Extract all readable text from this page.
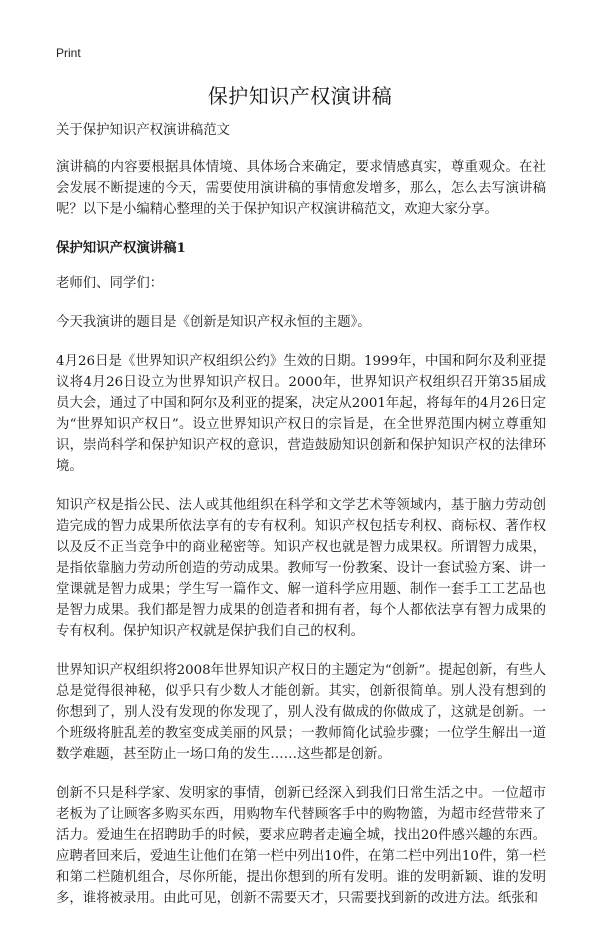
Print
保护知识产权演讲稿

关于保护知识产权演讲稿范文

演讲稿的内容要根据具体情境、具体场合来确定，要求情感真实，尊重观众。在社会发展不断提速的今天，需要使用演讲稿的事情愈发增多，那么，怎么去写演讲稿呢？以下是小编精心整理的关于保护知识产权演讲稿范文，欢迎大家分享。

保护知识产权演讲稿1

老师们、同学们：

今天我演讲的题目是《创新是知识产权永恒的主题》。

4月26日是《世界知识产权组织公约》生效的日期。1999年，中国和阿尔及利亚提议将4月26日设立为世界知识产权日。2000年，世界知识产权组织召开第35届成员大会，通过了中国和阿尔及利亚的提案，决定从2001年起，将每年的4月26日定为“世界知识产权日”。设立世界知识产权日的宗旨是，在全世界范围内树立尊重知识，崇尚科学和保护知识产权的意识，营造鼓励知识创新和保护知识产权的法律环境。

知识产权是指公民、法人或其他组织在科学和文学艺术等领域内，基于脑力劳动创造完成的智力成果所依法享有的专有权利。知识产权包括专利权、商标权、著作权以及反不正当竞争中的商业秘密等。知识产权也就是智力成果权。所谓智力成果，是指依靠脑力劳动所创造的劳动成果。教师写一份教案、设计一套试验方案、讲一堂课就是智力成果；学生写一篇作文、解一道科学应用题、制作一套手工工艺品也是智力成果。我们都是智力成果的创造者和拥有者，每个人都依法享有智力成果的专有权利。保护知识产权就是保护我们自己的权利。

世界知识产权组织将2008年世界知识产权日的主题定为“创新”。提起创新，有些人总是觉得很神秘，似乎只有少数人才能创新。其实，创新很简单。别人没有想到的你想到了，别人没有发现的你发现了，别人没有做成的你做成了，这就是创新。一个班级将脏乱差的教室变成美丽的风景；一教师简化试验步骤；一位学生解出一道数学难题，甚至防止一场口角的发生……这些都是创新。

创新不只是科学家、发明家的事情，创新已经深入到我们日常生活之中。一位超市老板为了让顾客多购买东西，用购物车代替顾客手中的购物篮，为超市经营带来了活力。爱迪生在招聘助手的时候，要求应聘者走遍全城，找出20件感兴趣的东西。应聘者回来后，爱迪生让他们在第一栏中列出10件，在第二栏中列出10件，第一栏和第二栏随机组合，尽你所能，提出你想到的所有发明。谁的发明新颖、谁的发明多，谁将被录用。由此可见，创新不需要天才，只需要找到新的改进方法。纸张和
